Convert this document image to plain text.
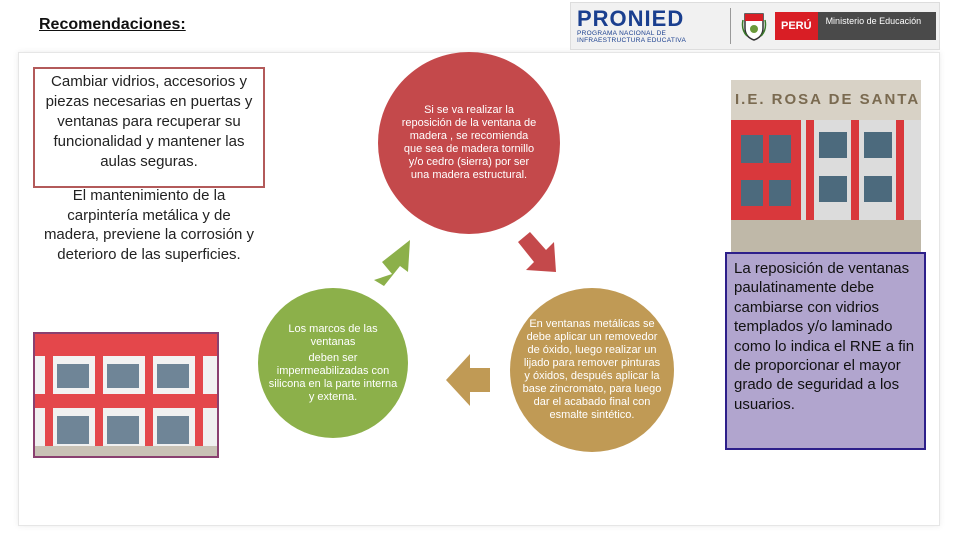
Recomendaciones:	PRONIED
PROGRAMA NACIONAL DE INFRAESTRUCTURA EDUCATIVA
PERÚ	Ministerio de Educación
Cambiar vidrios, accesorios y piezas necesarias en puertas y ventanas para recuperar su funcionalidad y mantener las aulas seguras.
El mantenimiento de la carpintería metálica y de madera, previene la corrosión y deterioro de las superficies.
I.E. ROSA DE SANTA
Si se va realizar la reposición de la ventana de madera , se recomienda que sea de madera tornillo y/o cedro (sierra) por ser una madera estructural.
En ventanas metálicas se debe aplicar un removedor de óxido, luego realizar un lijado para remover pinturas y óxidos, después aplicar la base zincromato, para luego dar el acabado final con esmalte sintético.
Los marcos de las ventanas
deben ser impermeabilizadas con silicona en la parte interna y externa.
La reposición de ventanas paulatinamente debe cambiarse con vidrios templados y/o laminado como lo indica el RNE a fin de proporcionar el mayor grado de seguridad a los usuarios.
